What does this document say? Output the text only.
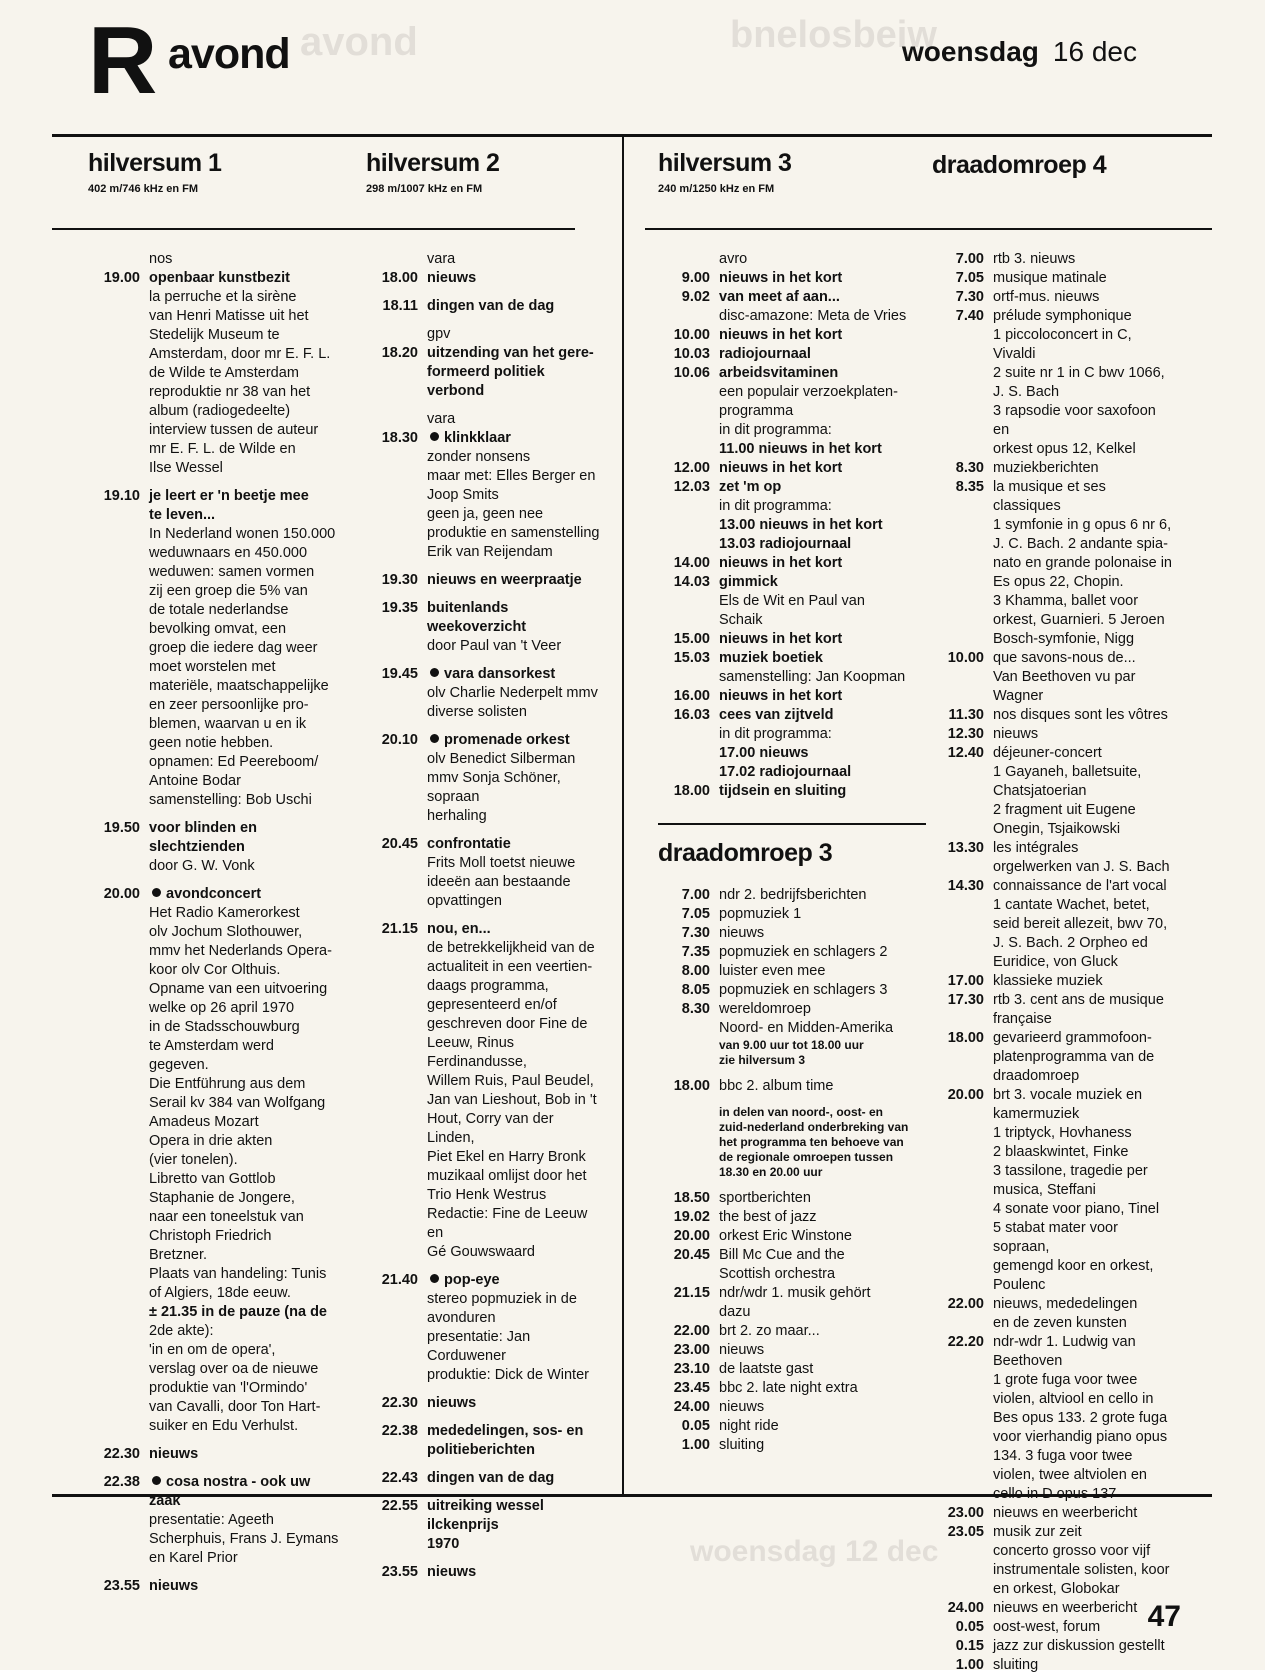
avond	bnelosbeiw
woensdag 12 dec
R avond	woensdag 16 dec
hilversum 1
402 m/746 kHz en FM
hilversum 2
298 m/1007 kHz en FM
hilversum 3
240 m/1250 kHz en FM
draadomroep 4
nos
19.00 openbaar kunstbezit
la perruche et la sirène
van Henri Matisse uit het
Stedelijk Museum te
Amsterdam, door mr E. F. L.
de Wilde te Amsterdam
reproduktie nr 38 van het
album (radiogedeelte)
interview tussen de auteur
mr E. F. L. de Wilde en
Ilse Wessel
19.10 je leert er 'n beetje mee
te leven...
In Nederland wonen 150.000
weduwnaars en 450.000
weduwen: samen vormen
zij een groep die 5% van
de totale nederlandse
bevolking omvat, een
groep die iedere dag weer
moet worstelen met
materiële, maatschappelijke
en zeer persoonlijke pro-
blemen, waarvan u en ik
geen notie hebben.
opnamen: Ed Peereboom/
Antoine Bodar
samenstelling: Bob Uschi
19.50 voor blinden en
slechtzienden
door G. W. Vonk
20.00	avondconcert
Het Radio Kamerorkest
olv Jochum Slothouwer,
mmv het Nederlands Opera-
koor olv Cor Olthuis.
Opname van een uitvoering
welke op 26 april 1970
in de Stadsschouwburg
te Amsterdam werd
gegeven.
Die Entführung aus dem
Serail kv 384 van Wolfgang
Amadeus Mozart
Opera in drie akten
(vier tonelen).
Libretto van Gottlob
Staphanie de Jongere,
naar een toneelstuk van
Christoph Friedrich
Bretzner.
Plaats van handeling: Tunis
of Algiers, 18de eeuw.
± 21.35 in de pauze (na de
2de akte):
'in en om de opera',
verslag over oa de nieuwe
produktie van 'l'Ormindo'
van Cavalli, door Ton Hart-
suiker en Edu Verhulst.
22.30 nieuws
22.38	cosa nostra - ook uw
zaak
presentatie: Ageeth
Scherphuis, Frans J. Eymans
en Karel Prior
23.55 nieuws
vara
18.00 nieuws
18.11 dingen van de dag
gpv
18.20 uitzending van het gere-
formeerd politiek verbond
vara
18.30	klinkklaar
zonder nonsens
maar met: Elles Berger en
Joop Smits
geen ja, geen nee
produktie en samenstelling
Erik van Reijendam
19.30 nieuws en weerpraatje
19.35 buitenlands weekoverzicht
door Paul van 't Veer
19.45	vara dansorkest
olv Charlie Nederpelt mmv
diverse solisten
20.10	promenade orkest
olv Benedict Silberman
mmv Sonja Schöner,
sopraan
herhaling
20.45 confrontatie
Frits Moll toetst nieuwe
ideeën aan bestaande
opvattingen
21.15 nou, en...
de betrekkelijkheid van de
actualiteit in een veertien-
daags programma,
gepresenteerd en/of
geschreven door Fine de
Leeuw, Rinus Ferdinandusse,
Willem Ruis, Paul Beudel,
Jan van Lieshout, Bob in 't
Hout, Corry van der Linden,
Piet Ekel en Harry Bronk
muzikaal omlijst door het
Trio Henk Westrus
Redactie: Fine de Leeuw en
Gé Gouwswaard
21.40	pop-eye
stereo popmuziek in de
avonduren
presentatie: Jan Corduwener
produktie: Dick de Winter
22.30 nieuws
22.38 mededelingen, sos- en
politieberichten
22.43 dingen van de dag
22.55 uitreiking wessel ilckenprijs
1970
23.55 nieuws
avro
9.00 nieuws in het kort
9.02 van meet af aan...
disc-amazone: Meta de Vries
10.00 nieuws in het kort
10.03 radiojournaal
10.06 arbeidsvitaminen
een populair verzoekplaten-
programma
in dit programma:
11.00 nieuws in het kort
12.00 nieuws in het kort
12.03 zet 'm op
in dit programma:
13.00 nieuws in het kort
13.03 radiojournaal
14.00 nieuws in het kort
14.03 gimmick
Els de Wit en Paul van
Schaik
15.00 nieuws in het kort
15.03 muziek boetiek
samenstelling: Jan Koopman
16.00 nieuws in het kort
16.03 cees van zijtveld
in dit programma:
17.00 nieuws
17.02 radiojournaal
18.00 tijdsein en sluiting
draadomroep 3
7.00 ndr 2. bedrijfsberichten
7.05 popmuziek 1
7.30 nieuws
7.35 popmuziek en schlagers 2
8.00 luister even mee
8.05 popmuziek en schlagers 3
8.30 wereldomroep
Noord- en Midden-Amerika
van 9.00 uur tot 18.00 uur
zie hilversum 3
18.00 bbc 2. album time
in delen van noord-, oost- en
zuid-nederland onderbreking van
het programma ten behoeve van
de regionale omroepen tussen
18.30 en 20.00 uur
18.50 sportberichten
19.02 the best of jazz
20.00 orkest Eric Winstone
20.45 Bill Mc Cue and the
Scottish orchestra
21.15 ndr/wdr 1. musik gehört
dazu
22.00 brt 2. zo maar...
23.00 nieuws
23.10 de laatste gast
23.45 bbc 2. late night extra
24.00 nieuws
0.05 night ride
1.00 sluiting
7.00 rtb 3. nieuws
7.05 musique matinale
7.30 ortf-mus. nieuws
7.40 prélude symphonique
1 piccoloconcert in C,
Vivaldi
2 suite nr 1 in C bwv 1066,
J. S. Bach
3 rapsodie voor saxofoon en
orkest opus 12, Kelkel
8.30 muziekberichten
8.35 la musique et ses classiques
1 symfonie in g opus 6 nr 6,
J. C. Bach. 2 andante spia-
nato en grande polonaise in
Es opus 22, Chopin.
3 Khamma, ballet voor
orkest, Guarnieri. 5 Jeroen
Bosch-symfonie, Nigg
10.00 que savons-nous de...
Van Beethoven vu par
Wagner
11.30 nos disques sont les vôtres
12.30 nieuws
12.40 déjeuner-concert
1 Gayaneh, balletsuite,
Chatsjatoerian
2 fragment uit Eugene
Onegin, Tsjaikowski
13.30 les intégrales
orgelwerken van J. S. Bach
14.30 connaissance de l'art vocal
1 cantate Wachet, betet,
seid bereit allezeit, bwv 70,
J. S. Bach. 2 Orpheo ed
Euridice, von Gluck
17.00 klassieke muziek
17.30 rtb 3. cent ans de musique
française
18.00 gevarieerd grammofoon-
platenprogramma van de
draadomroep
20.00 brt 3. vocale muziek en
kamermuziek
1 triptyck, Hovhaness
2 blaaskwintet, Finke
3 tassilone, tragedie per
musica, Steffani
4 sonate voor piano, Tinel
5 stabat mater voor sopraan,
gemengd koor en orkest,
Poulenc
22.00 nieuws, mededelingen
en de zeven kunsten
22.20 ndr-wdr 1. Ludwig van
Beethoven
1 grote fuga voor twee
violen, altviool en cello in
Bes opus 133. 2 grote fuga
voor vierhandig piano opus
134. 3 fuga voor twee
violen, twee altviolen en
cello in D opus 137
23.00 nieuws en weerbericht
23.05 musik zur zeit
concerto grosso voor vijf
instrumentale solisten, koor
en orkest, Globokar
24.00 nieuws en weerbericht
0.05 oost-west, forum
0.15 jazz zur diskussion gestellt
1.00 sluiting
47
